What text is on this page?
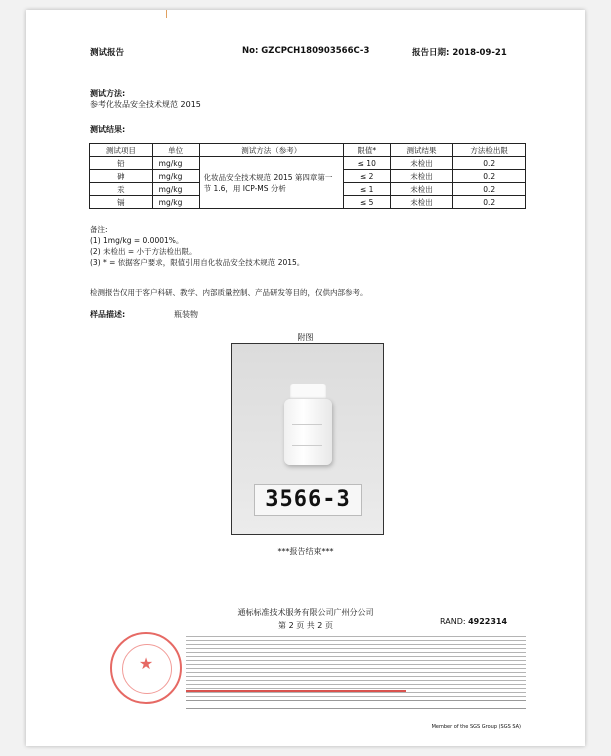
测试报告	No: GZCPCH180903566C-3	报告日期: 2018-09-21
测试方法:
参考化妆品安全技术规范 2015
测试结果:
测试项目	单位	测试方法（参考）	限值*	测试结果	方法检出限
铅	mg/kg	化妆品安全技术规范 2015 第四章第一节 1.6，用 ICP-MS 分析	≤ 10	未检出	0.2
砷	mg/kg		≤ 2	未检出	0.2
汞	mg/kg		≤ 1	未检出	0.2
镉	mg/kg		≤ 5	未检出	0.2
备注:
(1) 1mg/kg = 0.0001%。
(2) 未检出 = 小于方法检出限。
(3) * = 依据客户要求，限值引用自化妆品安全技术规范 2015。
检测报告仅用于客户科研、教学、内部质量控制、产品研发等目的，仅供内部参考。
样品描述:	瓶装物
附图
3566-3
***报告结束***
通标标准技术服务有限公司广州分公司
第 2 页 共 2 页	RAND: 4922314
★
Member of the SGS Group (SGS SA)
